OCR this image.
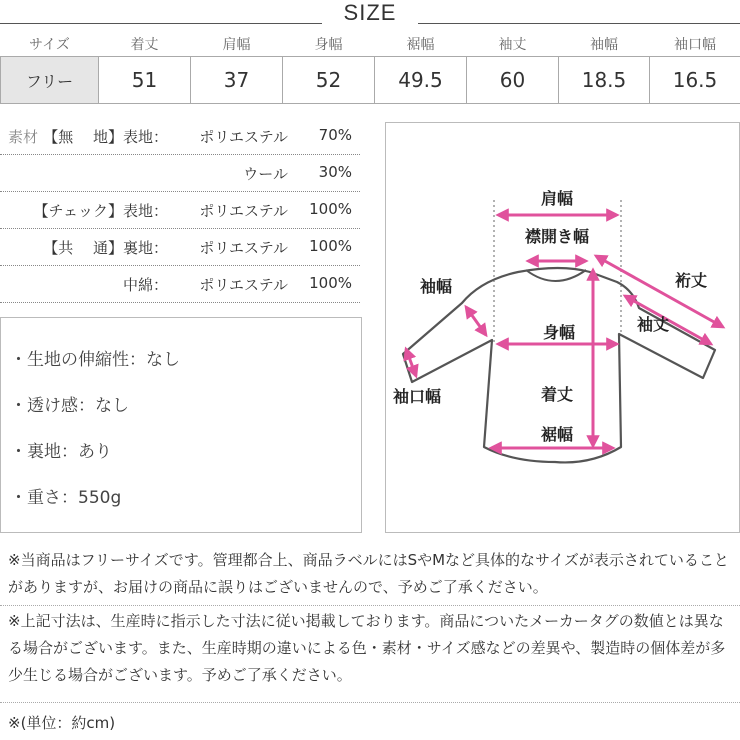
SIZE
サイズ	着丈	肩幅	身幅	裾幅	袖丈	袖幅	袖口幅
フリー	51	37	52	49.5	60	18.5	16.5
素材 【無　 地】表地： ポリエステル 70%
ウール 30%
【チェック】表地： ポリエステル 100%
【共　 通】裏地： ポリエステル 100%
中綿： ポリエステル 100%
・生地の伸縮性：なし
・透け感：なし
・裏地：あり
・重さ：550g
肩幅
襟開き幅
袖幅	裄丈
袖丈
身幅
袖口幅	着丈
裾幅
※当商品はフリーサイズです。管理都合上、商品ラベルにはSやMなど具体的なサイズが表示されていることがありますが、お届けの商品に誤りはございませんので、予めご了承ください。
※上記寸法は、生産時に指示した寸法に従い掲載しております。商品についたメーカータグの数値とは異なる場合がございます。また、生産時期の違いによる色・素材・サイズ感などの差異や、製造時の個体差が多少生じる場合がございます。予めご了承ください。
※(単位：約cm)
